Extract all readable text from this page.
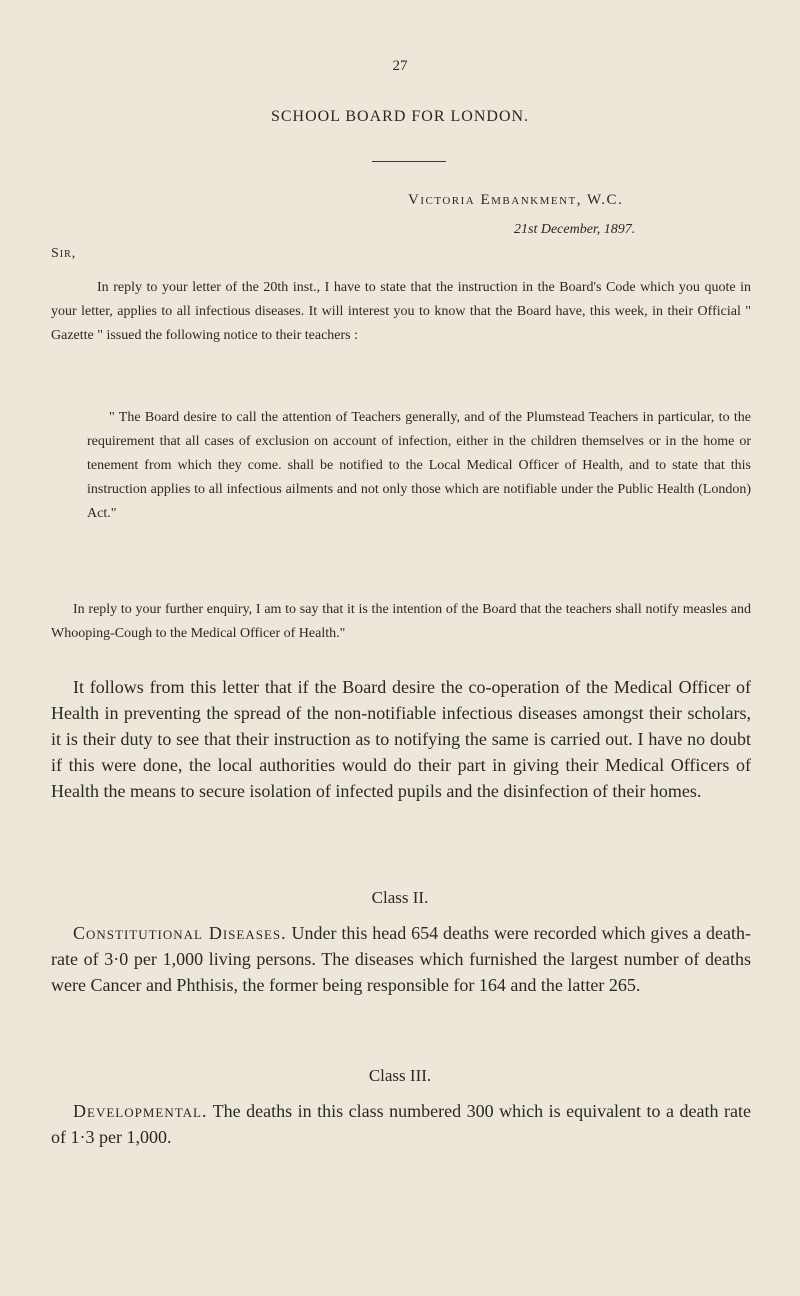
27
SCHOOL BOARD FOR LONDON.
Victoria Embankment, W.C.
21st December, 1897.
Sir,

In reply to your letter of the 20th inst., I have to state that the instruction in the Board's Code which you quote in your letter, applies to all infectious diseases. It will interest you to know that the Board have, this week, in their Official " Gazette " issued the following notice to their teachers :

" The Board desire to call the attention of Teachers generally, and of the Plumstead Teachers in particular, to the requirement that all cases of exclusion on account of infection, either in the children themselves or in the home or tenement from which they come. shall be notified to the Local Medical Officer of Health, and to state that this instruction applies to all infectious ailments and not only those which are notifiable under the Public Health (London) Act."

In reply to your further enquiry, I am to say that it is the intention of the Board that the teachers shall notify measles and Whooping-Cough to the Medical Officer of Health."

It follows from this letter that if the Board desire the co-operation of the Medical Officer of Health in preventing the spread of the non-notifiable infectious diseases amongst their scholars, it is their duty to see that their instruction as to notifying the same is carried out. I have no doubt if this were done, the local authorities would do their part in giving their Medical Officers of Health the means to secure isolation of infected pupils and the disinfection of their homes.
Class II.
Constitutional Diseases. Under this head 654 deaths were recorded which gives a death-rate of 3·0 per 1,000 living persons. The diseases which furnished the largest number of deaths were Cancer and Phthisis, the former being responsible for 164 and the latter 265.
Class III.
Developmental. The deaths in this class numbered 300 which is equivalent to a death rate of 1·3 per 1,000.
